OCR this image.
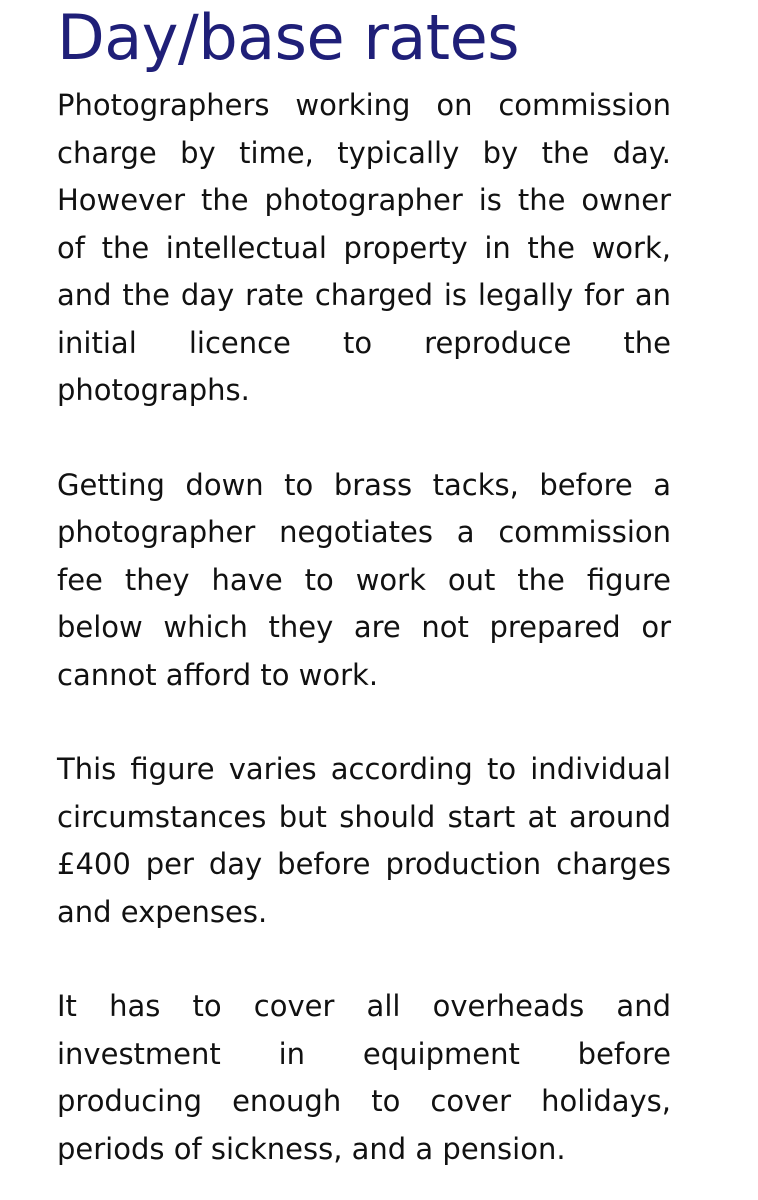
Day/base rates

Photographers working on commission charge by time, typically by the day. However the photographer is the owner of the intellectual property in the work, and the day rate charged is legally for an initial licence to reproduce the photographs.

Getting down to brass tacks, before a photographer negotiates a commission fee they have to work out the figure below which they are not prepared or cannot afford to work.

This figure varies according to individual circumstances but should start at around £400 per day before production charges and expenses.

It has to cover all overheads and investment in equipment before producing enough to cover holidays, periods of sickness, and a pension.
